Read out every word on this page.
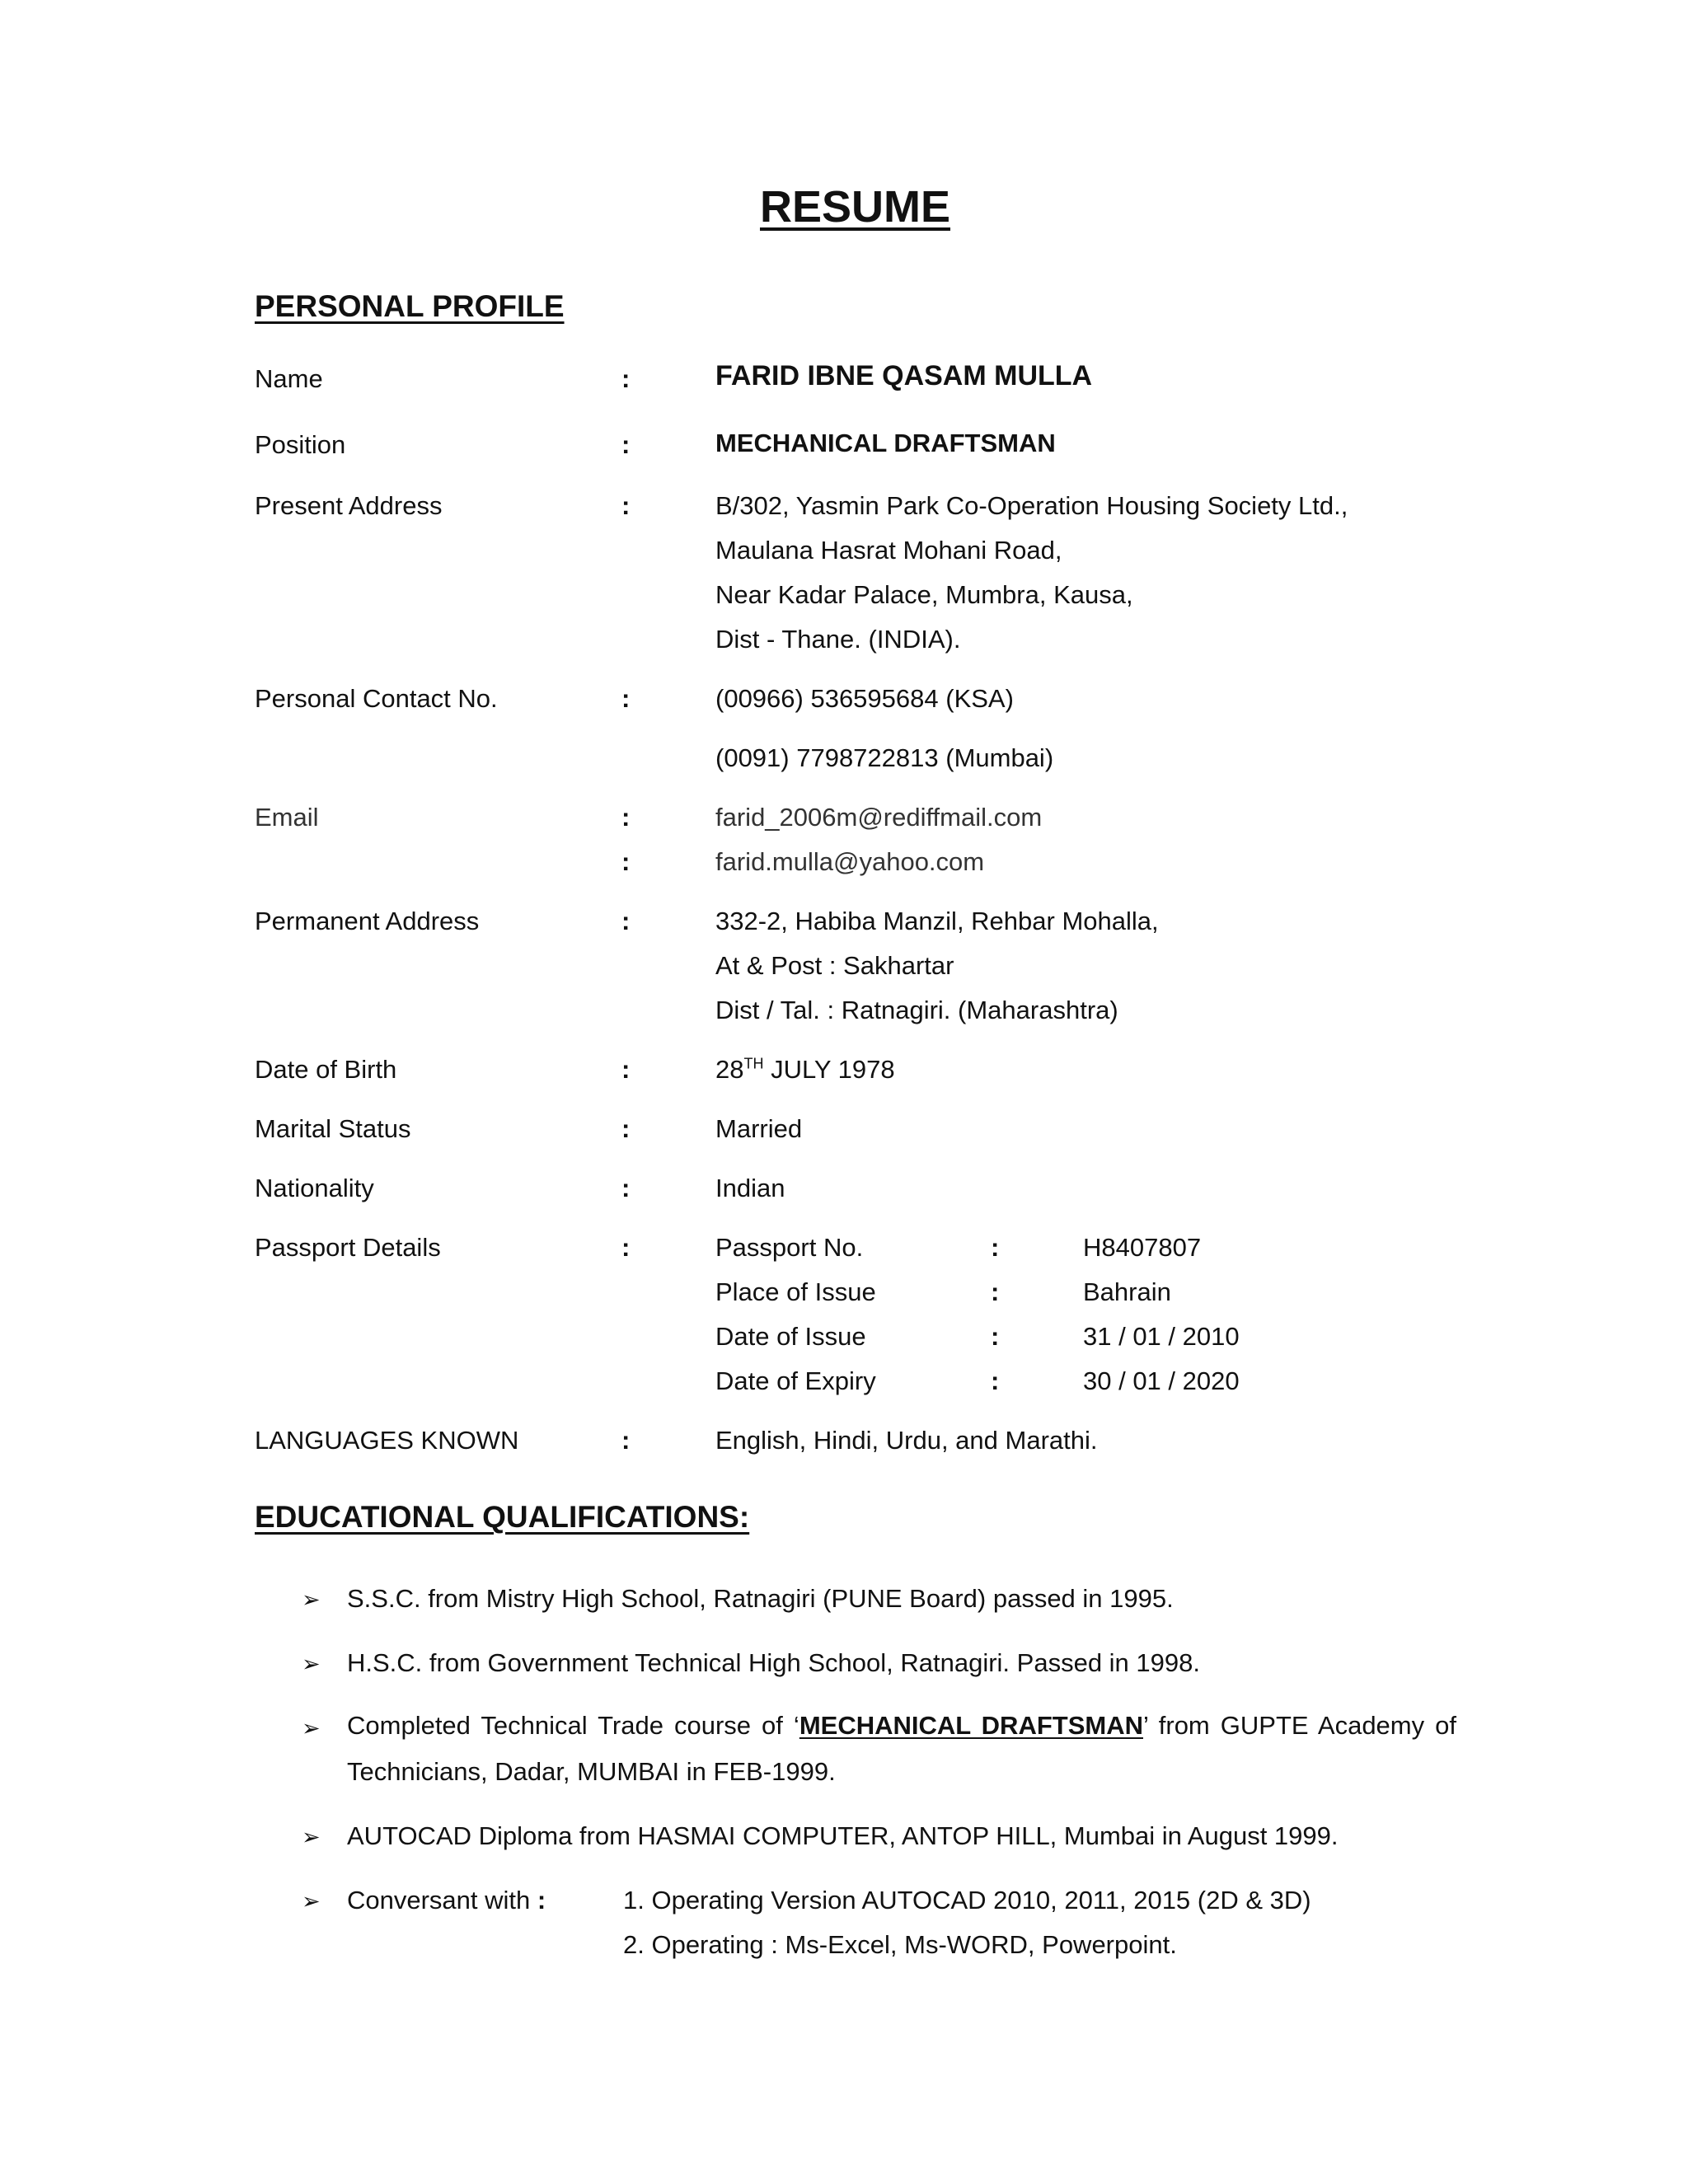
RESUME
PERSONAL PROFILE
Name	:	FARID IBNE QASAM MULLA
Position	:	MECHANICAL DRAFTSMAN
Present Address	:	B/302, Yasmin Park Co-Operation Housing Society Ltd.,
Maulana Hasrat Mohani Road,
Near Kadar Palace, Mumbra, Kausa,
Dist - Thane. (INDIA).
Personal Contact No.	:	(00966) 536595684 (KSA)
(0091) 7798722813 (Mumbai)
Email	:	farid_2006m@rediffmail.com
:	farid.mulla@yahoo.com
Permanent Address	:	332-2, Habiba Manzil, Rehbar Mohalla,
At & Post : Sakhartar
Dist / Tal. : Ratnagiri. (Maharashtra)
Date of Birth	:	28TH JULY 1978
Marital Status	:	Married
Nationality	:	Indian
Passport Details	:	Passport No.	:	H8407807
Place of Issue	:	Bahrain
Date of Issue	:	31 / 01 / 2010
Date of Expiry	:	30 / 01 / 2020
LANGUAGES KNOWN	:	English, Hindi, Urdu, and Marathi.
EDUCATIONAL QUALIFICATIONS:
➢ S.S.C. from Mistry High School, Ratnagiri (PUNE Board) passed in 1995.
➢ H.S.C. from Government Technical High School, Ratnagiri. Passed in 1998.
➢ Completed Technical Trade course of ‘MECHANICAL DRAFTSMAN’ from GUPTE Academy of
Technicians, Dadar, MUMBAI in FEB-1999.
➢ AUTOCAD Diploma from HASMAI COMPUTER, ANTOP HILL, Mumbai in August 1999.
➢ Conversant with :	1. Operating Version AUTOCAD 2010, 2011, 2015 (2D & 3D)
2. Operating : Ms-Excel, Ms-WORD, Powerpoint.
